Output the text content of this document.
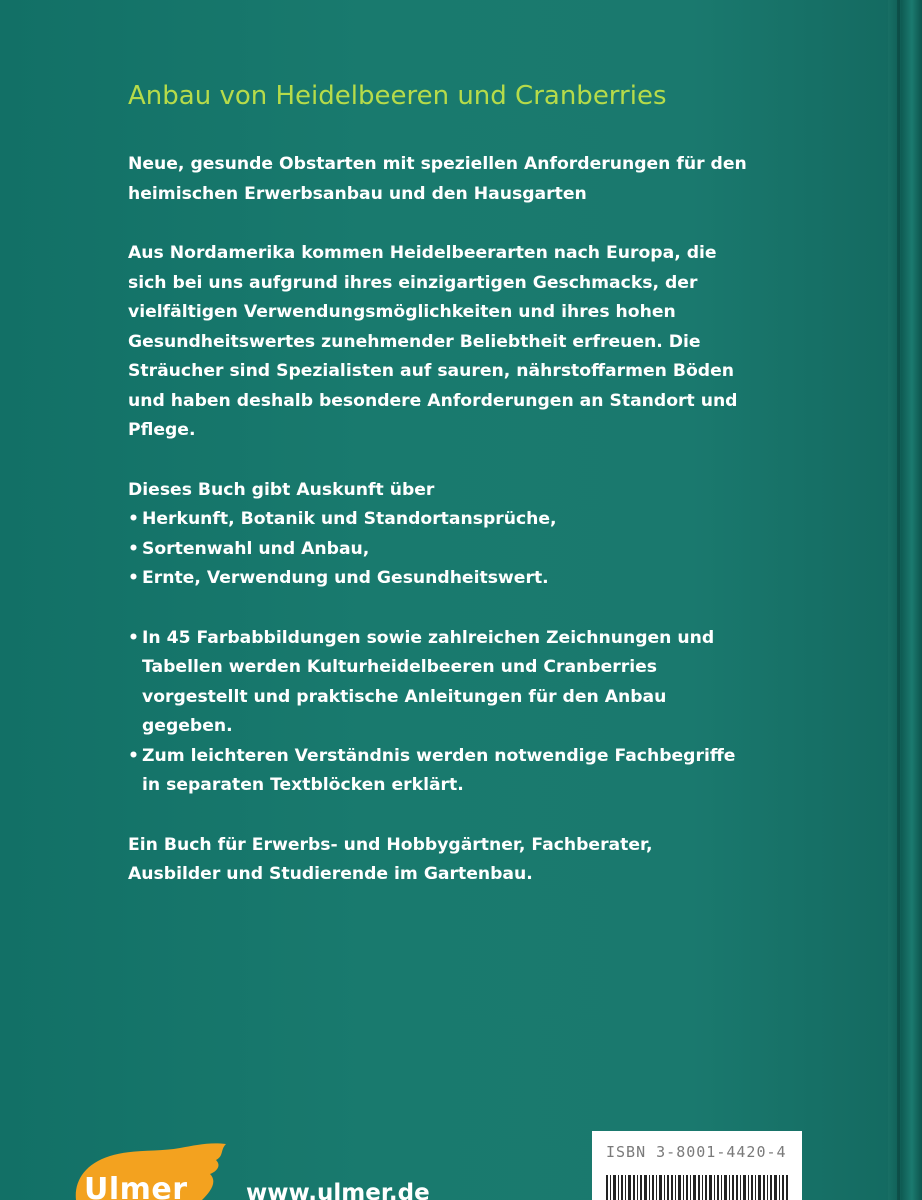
Anbau von Heidelbeeren und Cranberries

Neue, gesunde Obstarten mit speziellen Anforderungen für den heimischen Erwerbsanbau und den Hausgarten

Aus Nordamerika kommen Heidelbeerarten nach Europa, die sich bei uns aufgrund ihres einzigartigen Geschmacks, der vielfältigen Verwendungsmöglichkeiten und ihres hohen Gesundheitswertes zunehmender Beliebtheit erfreuen. Die Sträucher sind Spezialisten auf sauren, nährstoffarmen Böden und haben deshalb besondere Anforderungen an Standort und Pflege.

Dieses Buch gibt Auskunft über

• Herkunft, Botanik und Standortansprüche,
• Sortenwahl und Anbau,
• Ernte, Verwendung und Gesundheitswert.
• In 45 Farbabbildungen sowie zahlreichen Zeichnungen und Tabellen werden Kulturheidelbeeren und Cranberries vorgestellt und praktische Anleitungen für den Anbau gegeben.
• Zum leichteren Verständnis werden notwendige Fachbegriffe in separaten Textblöcken erklärt.

Ein Buch für Erwerbs- und Hobbygärtner, Fachberater, Ausbilder und Studierende im Gartenbau.

ISBN 3-8001-4420-4
Ulmer	www.ulmer.de
